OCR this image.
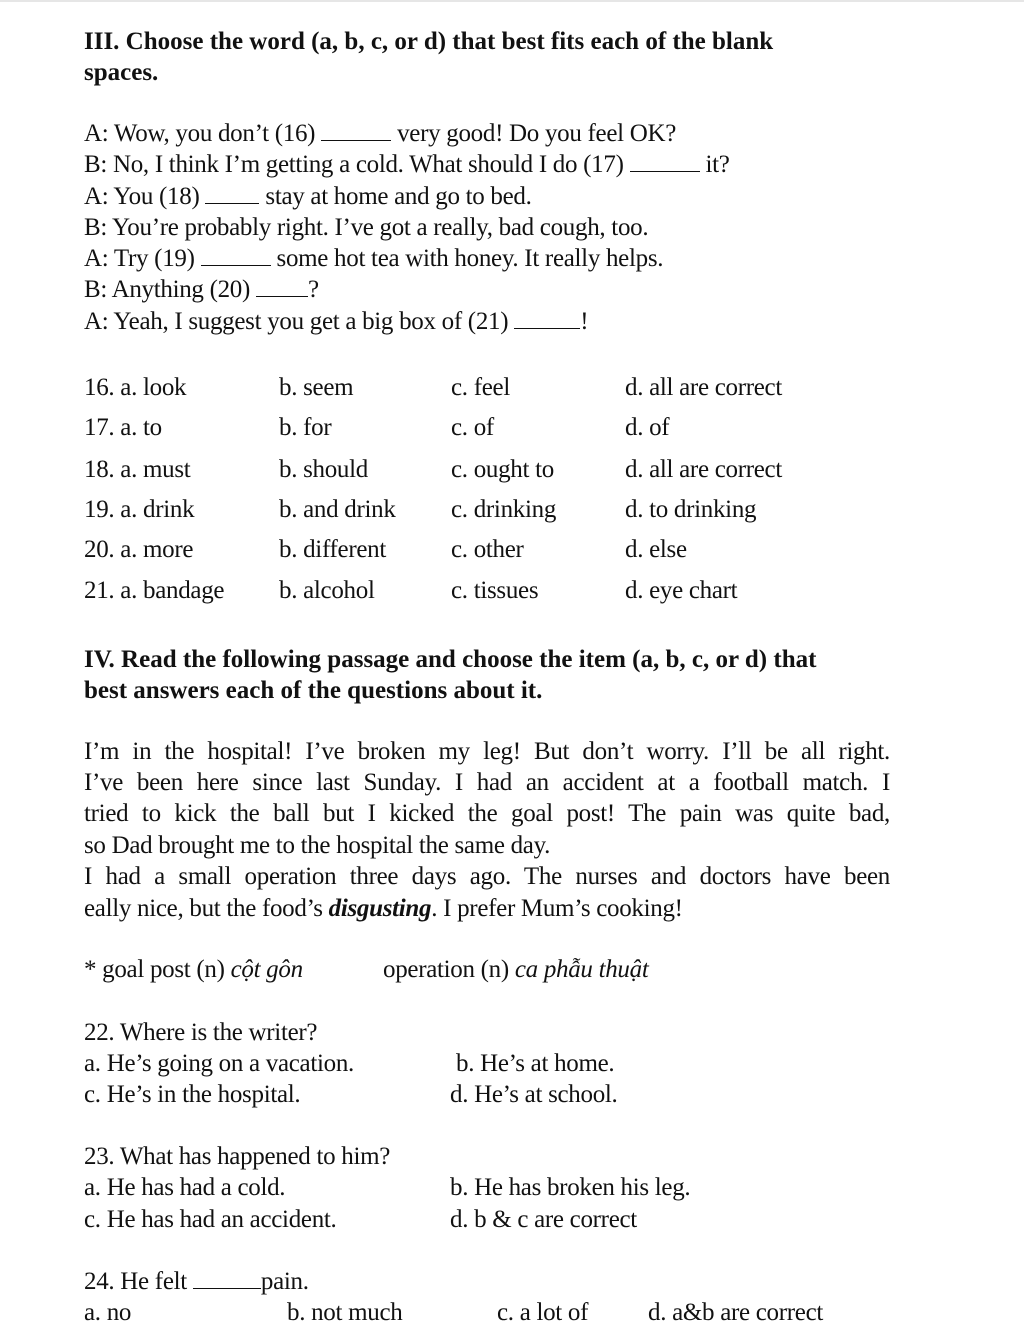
III. Choose the word (a, b, c, or d) that best fits each of the blank
spaces.
A: Wow, you don’t (16)	very good! Do you feel OK?
B: No, I think I’m getting a cold. What should I do (17)	it?
A: You (18)  stay at home and go to bed.
B: You’re probably right. I’ve got a really, bad cough, too.
A: Try (19)	some hot tea with honey. It really helps.
B: Anything (20) ?
A: Yeah, I suggest you get a big box of (21)	!
16. a. look	b. seem	c. feel	d. all are correct
17. a. to	b. for	c. of	d. of
18. a. must	b. should	c. ought to	d. all are correct
19. a. drink	b. and drink c. drinking	d. to drinking
20. a. more	b. different	c. other	d. else
21. a. bandage b. alcohol	c. tissues	d. eye chart
IV. Read the following passage and choose the item (a, b, c, or d) that
best answers each of the questions about it.
I’m in the hospital! I’ve broken my leg! But don’t worry. I’ll be all right.
I’ve been here since last Sunday. I had an accident at a football match. I
tried to kick the ball but I kicked the goal post! The pain was quite bad,
so Dad brought me to the hospital the same day.
I had a small operation three days ago. The nurses and doctors have been
eally nice, but the food’s disgusting. I prefer Mum’s cooking!
* goal post (n) cột gôn	operation (n) ca phẫu thuật
22. Where is the writer?
a. He’s going on a vacation.	b. He’s at home.
c. He’s in the hospital.	d. He’s at school.
23. What has happened to him?
a. He has had a cold.	b. He has broken his leg.
c. He has had an accident.	d. b & c are correct
24. He felt	pain.
a. no	b. not much	c. a lot of d. a&b are correct
